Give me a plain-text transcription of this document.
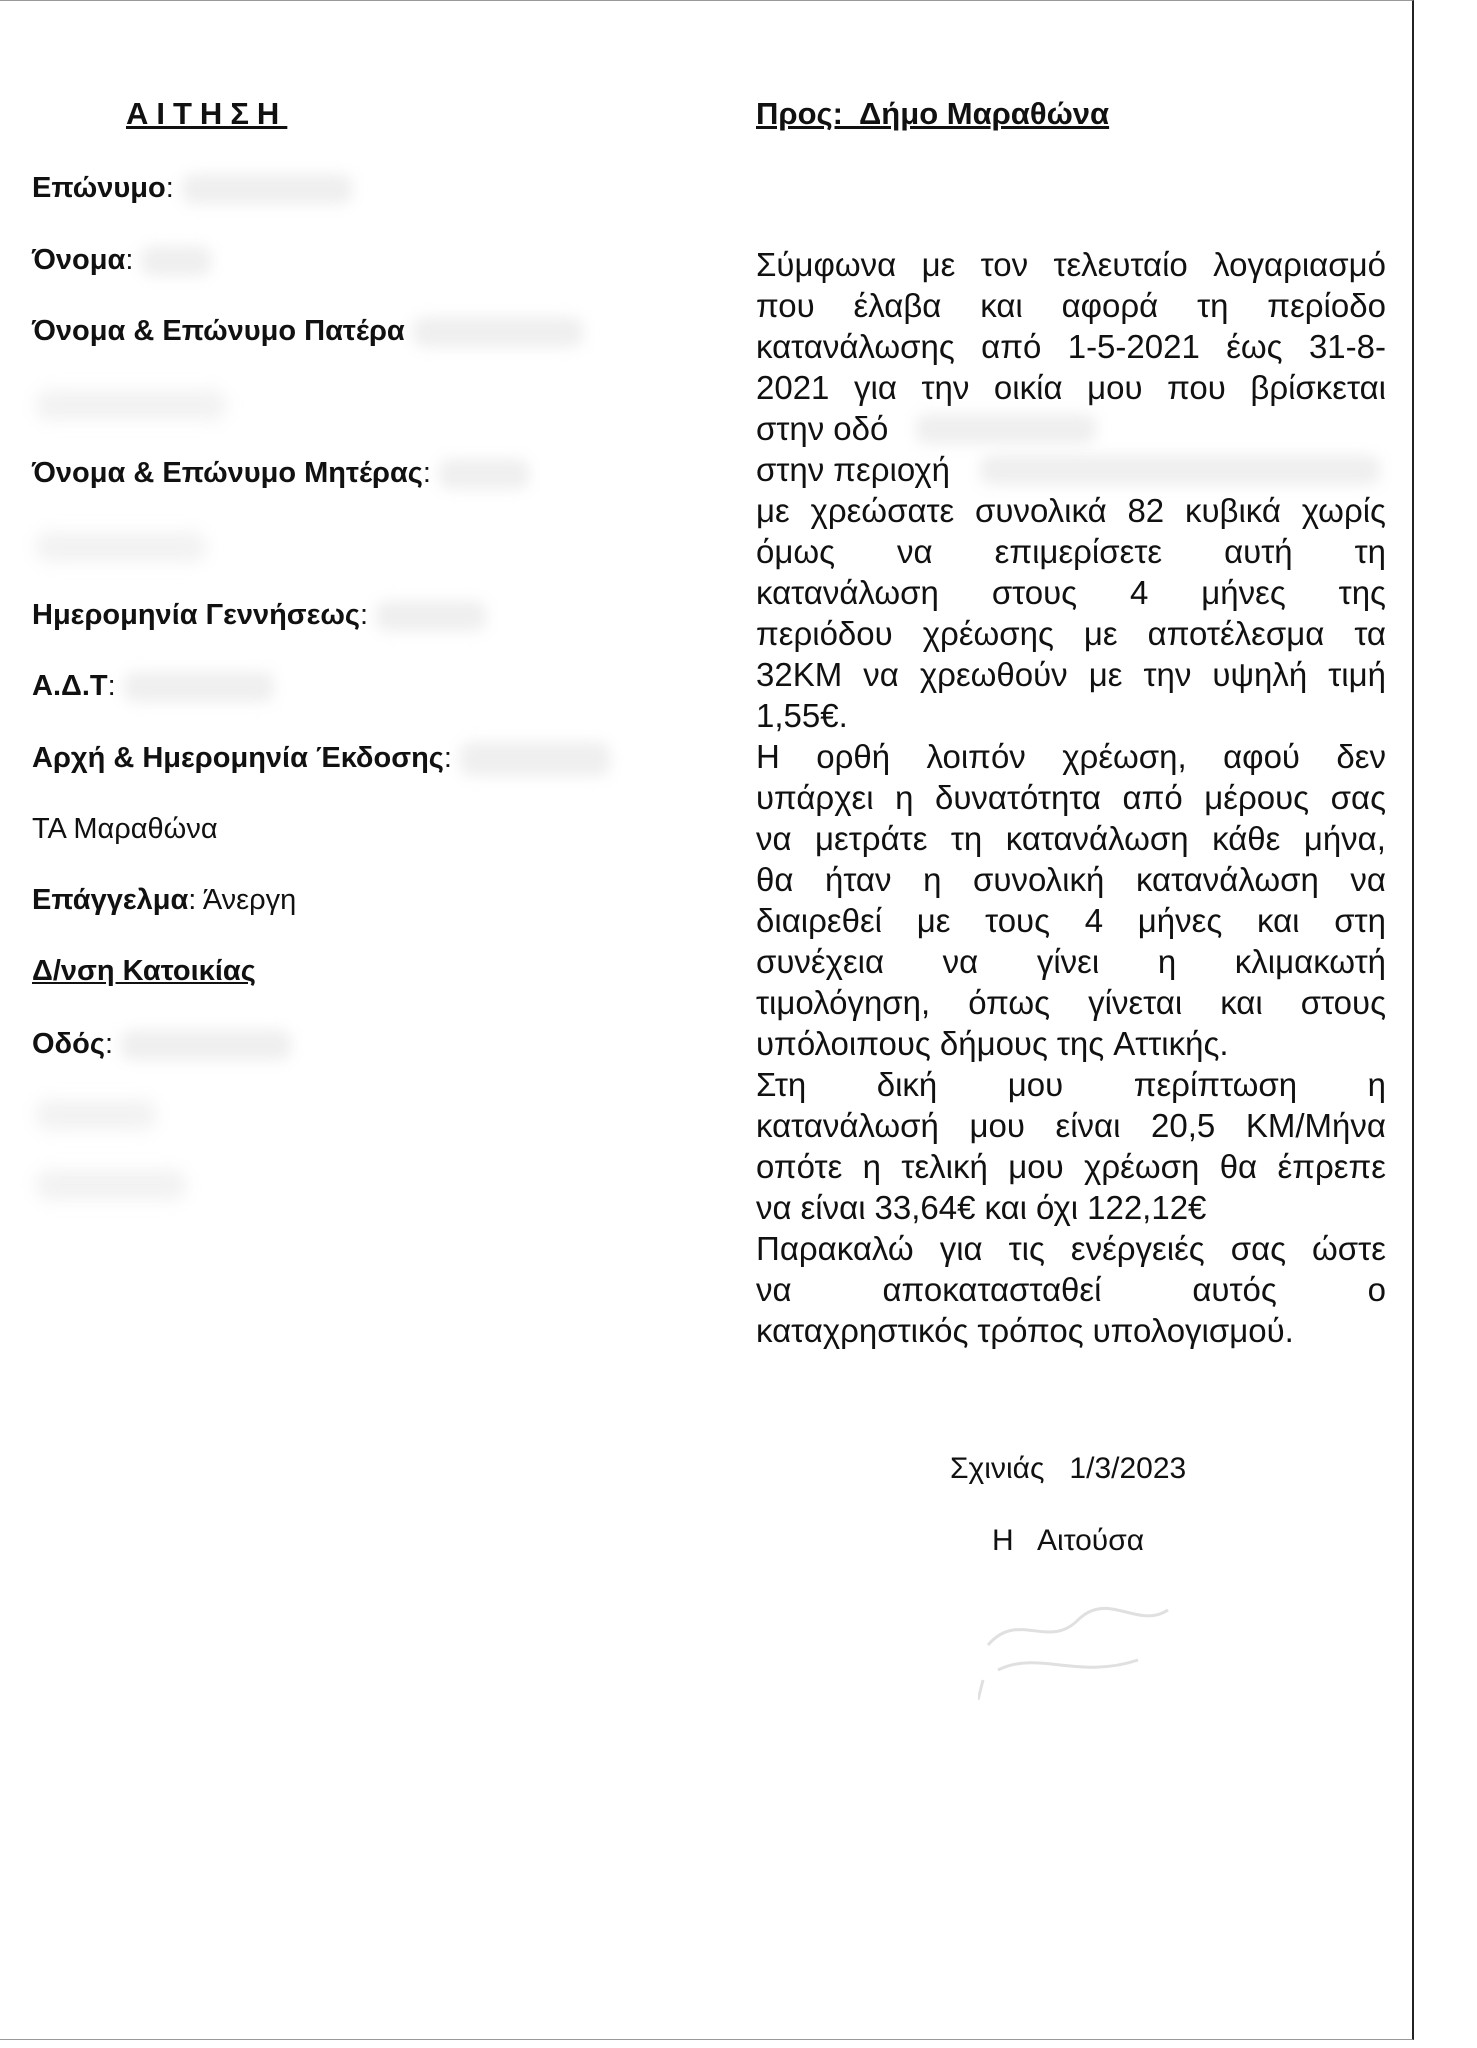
ΑΙΤΗΣΗ	Προς:  Δήμο Μαραθώνα
Επώνυμο:
Όνομα:
Όνομα & Επώνυμο Πατέρα
Όνομα & Επώνυμο Μητέρας:
Ημερομηνία Γεννήσεως:
Α.Δ.Τ:
Αρχή & Ημερομηνία Έκδοσης:
ΤΑ Μαραθώνα
Επάγγελμα: Άνεργη
Δ/νση Κατοικίας
Οδός:
Σύμφωνα με τον τελευταίο λογαριασμό
που έλαβα και αφορά τη περίοδο
κατανάλωσης από 1-5-2021 έως 31-8-
2021 για την οικία μου που βρίσκεται
στην οδό
στην περιοχή
με χρεώσατε συνολικά 82 κυβικά χωρίς
όμως να επιμερίσετε αυτή τη
κατανάλωση στους 4 μήνες της
περιόδου χρέωσης με αποτέλεσμα τα
32ΚΜ να χρεωθούν με την υψηλή τιμή
1,55€.
Η ορθή λοιπόν χρέωση, αφού δεν
υπάρχει η δυνατότητα από μέρους σας
να μετράτε τη κατανάλωση κάθε μήνα,
θα ήταν η συνολική κατανάλωση να
διαιρεθεί με τους 4 μήνες και στη
συνέχεια να γίνει η κλιμακωτή
τιμολόγηση, όπως γίνεται και στους
υπόλοιπους δήμους της Αττικής.
Στη δική μου περίπτωση η
κατανάλωσή μου είναι 20,5 ΚΜ/Μήνα
οπότε η τελική μου χρέωση θα έπρεπε
να είναι 33,64€ και όχι 122,12€
Παρακαλώ για τις ενέργειές σας ώστε
να	αποκατασταθεί	αυτός	ο
καταχρηστικός τρόπος υπολογισμού.
Σχινιάς   1/3/2023
Η   Αιτούσα
